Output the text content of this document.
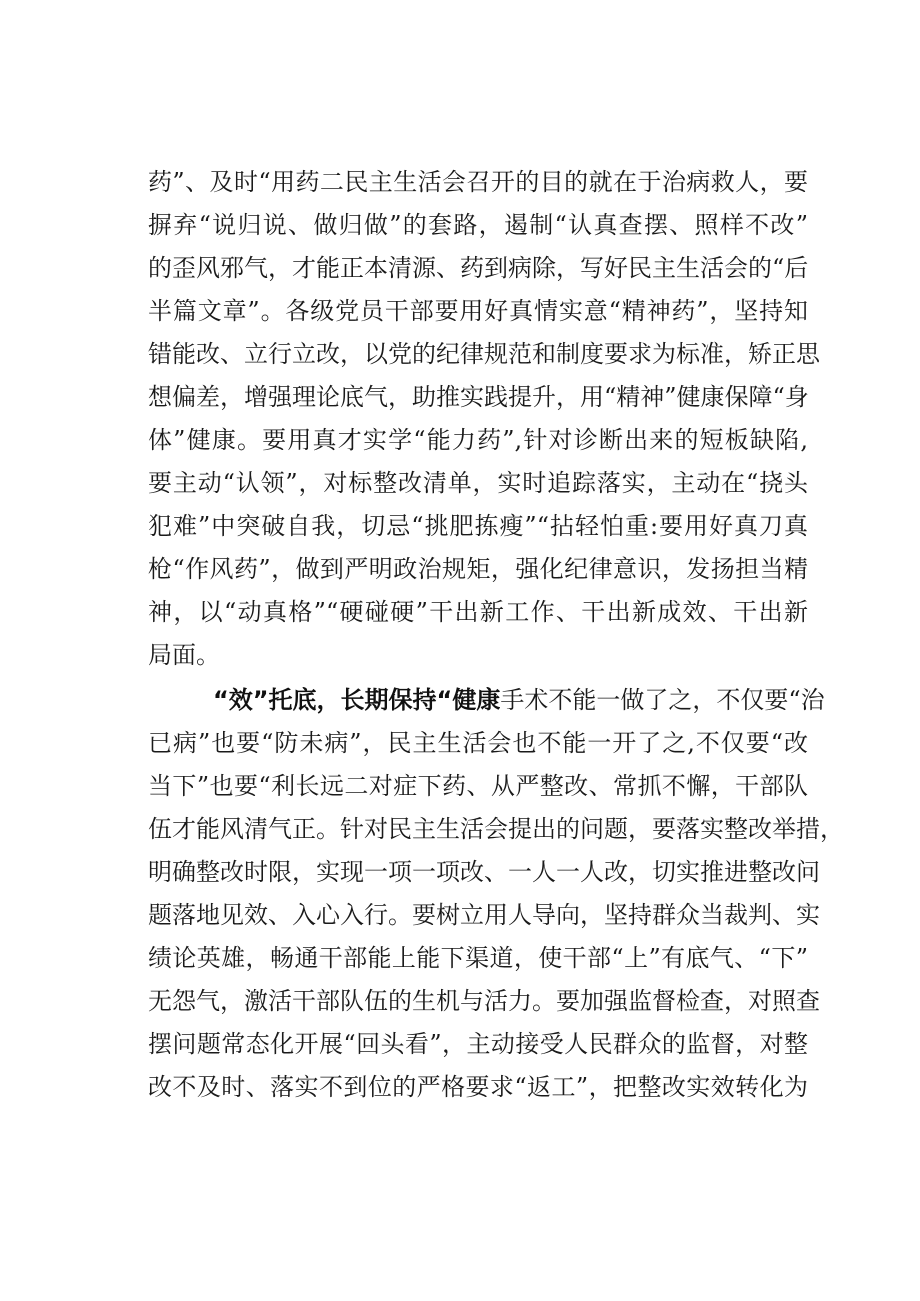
药”、及时“用药二民主生活会召开的目的就在于治病救人，要

摒弃“说归说、做归做”的套路，遏制“认真查摆、照样不改”

的歪风邪气，才能正本清源、药到病除，写好民主生活会的“后

半篇文章”。各级党员干部要用好真情实意“精神药”，坚持知

错能改、立行立改，以党的纪律规范和制度要求为标准，矫正思

想偏差，增强理论底气，助推实践提升，用“精神”健康保障“身

体”健康。要用真才实学“能力药”,针对诊断出来的短板缺陷,

要主动“认领”，对标整改清单，实时追踪落实，主动在“挠头

犯难”中突破自我，切忌“挑肥拣瘦”“拈轻怕重:要用好真刀真

枪“作风药”，做到严明政治规矩，强化纪律意识，发扬担当精

神，以“动真格”“硬碰硬”干出新工作、干出新成效、干出新

局面。

“效”托底，长期保持“健康手术不能一做了之，不仅要“治

已病”也要“防未病”，民主生活会也不能一开了之,不仅要“改

当下”也要“利长远二对症下药、从严整改、常抓不懈，干部队

伍才能风清气正。针对民主生活会提出的问题，要落实整改举措，

明确整改时限，实现一项一项改、一人一人改，切实推进整改问

题落地见效、入心入行。要树立用人导向，坚持群众当裁判、实

绩论英雄，畅通干部能上能下渠道，使干部“上”有底气、“下”

无怨气，激活干部队伍的生机与活力。要加强监督检查，对照查

摆问题常态化开展“回头看”，主动接受人民群众的监督，对整

改不及时、落实不到位的严格要求“返工”，把整改实效转化为
